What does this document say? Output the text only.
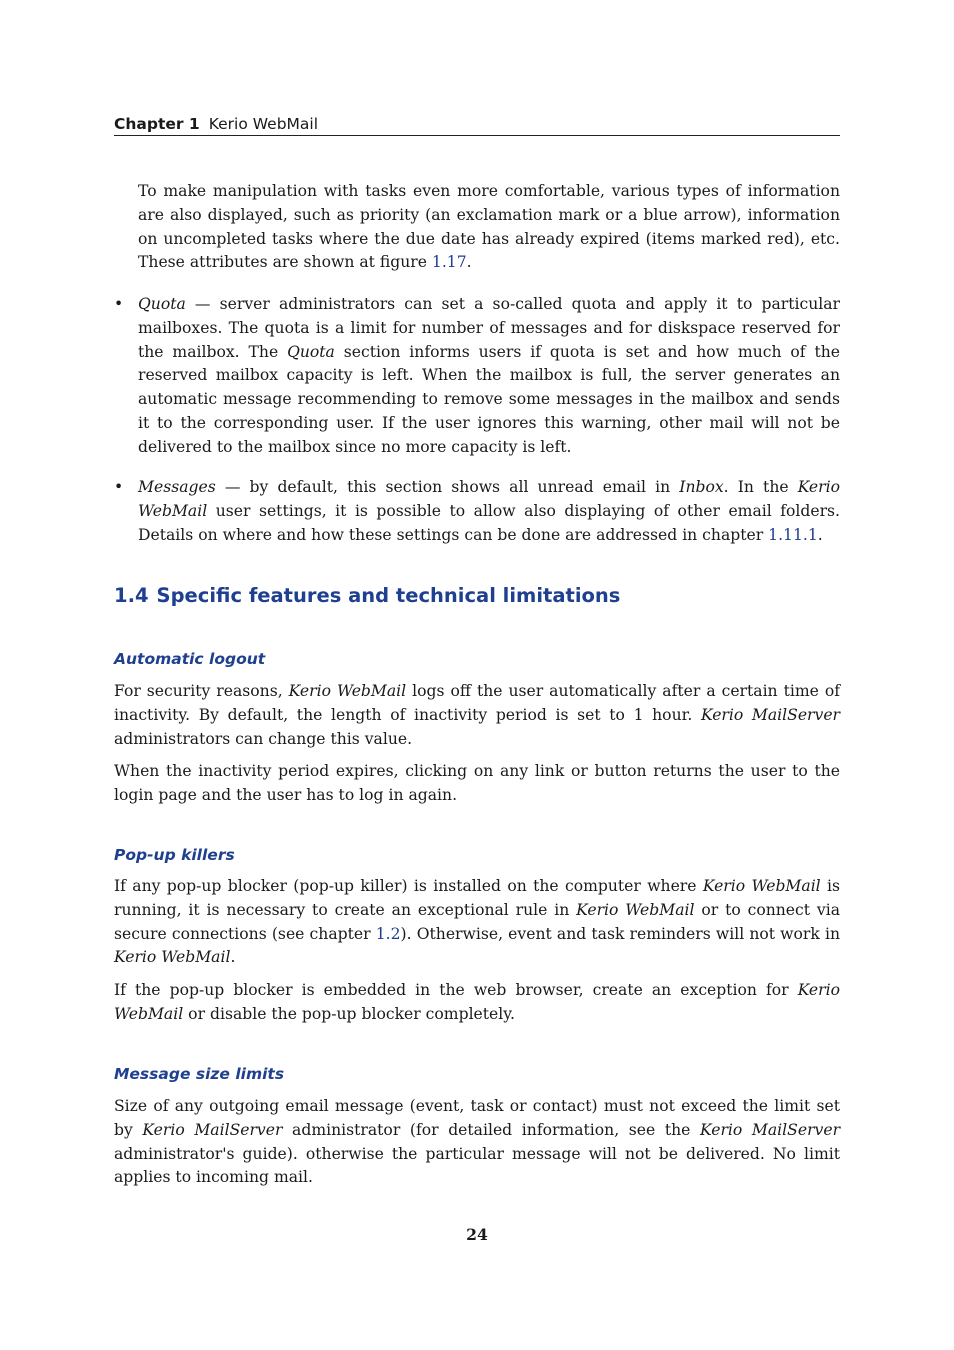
Chapter 1 Kerio WebMail

To make manipulation with tasks even more comfortable, various types of information are also displayed, such as priority (an exclamation mark or a blue arrow), information on uncompleted tasks where the due date has already expired (items marked red), etc. These attributes are shown at figure 1.17.

• Quota — server administrators can set a so-called quota and apply it to particular mailboxes. The quota is a limit for number of messages and for diskspace reserved for the mailbox. The Quota section informs users if quota is set and how much of the reserved mailbox capacity is left. When the mailbox is full, the server generates an automatic message recommending to remove some messages in the mailbox and sends it to the corresponding user. If the user ignores this warning, other mail will not be delivered to the mailbox since no more capacity is left.

• Messages — by default, this section shows all unread email in Inbox. In the Kerio WebMail user settings, it is possible to allow also displaying of other email folders. Details on where and how these settings can be done are addressed in chapter 1.11.1.

1.4 Specific features and technical limitations
Automatic logout

For security reasons, Kerio WebMail logs off the user automatically after a certain time of inactivity. By default, the length of inactivity period is set to 1 hour. Kerio MailServer administrators can change this value.

When the inactivity period expires, clicking on any link or button returns the user to the login page and the user has to log in again.

Pop-up killers

If any pop-up blocker (pop-up killer) is installed on the computer where Kerio WebMail is running, it is necessary to create an exceptional rule in Kerio WebMail or to connect via secure connections (see chapter 1.2). Otherwise, event and task reminders will not work in Kerio WebMail.

If the pop-up blocker is embedded in the web browser, create an exception for Kerio WebMail or disable the pop-up blocker completely.

Message size limits

Size of any outgoing email message (event, task or contact) must not exceed the limit set by Kerio MailServer administrator (for detailed information, see the Kerio MailServer administrator's guide). otherwise the particular message will not be delivered. No limit applies to incoming mail.

24
